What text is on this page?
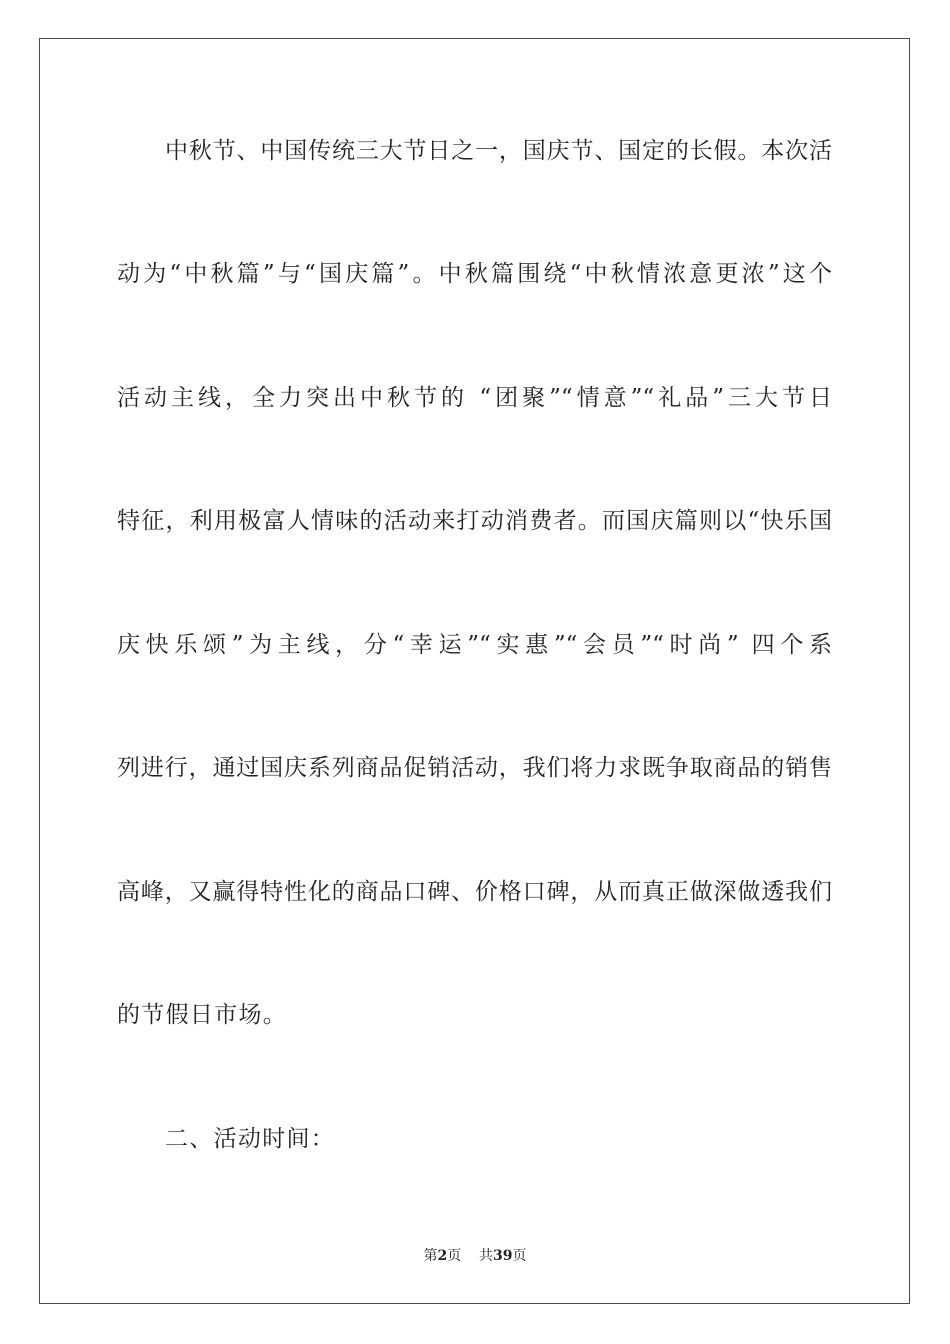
中秋节、中国传统三大节日之一，国庆节、国定的长假。本次活
动为“中秋篇”与“国庆篇”。中秋篇围绕“中秋情浓意更浓”这个
活动主线，全力突出中秋节的 “团聚”“情意”“礼品”三大节日
特征，利用极富人情味的活动来打动消费者。而国庆篇则以“快乐国
庆快乐颂”为主线，分“幸运”“实惠”“会员”“时尚” 四个系
列进行，通过国庆系列商品促销活动，我们将力求既争取商品的销售
高峰，又赢得特性化的商品口碑、价格口碑，从而真正做深做透我们
的节假日市场。
二、活动时间：
第2页 共39页
